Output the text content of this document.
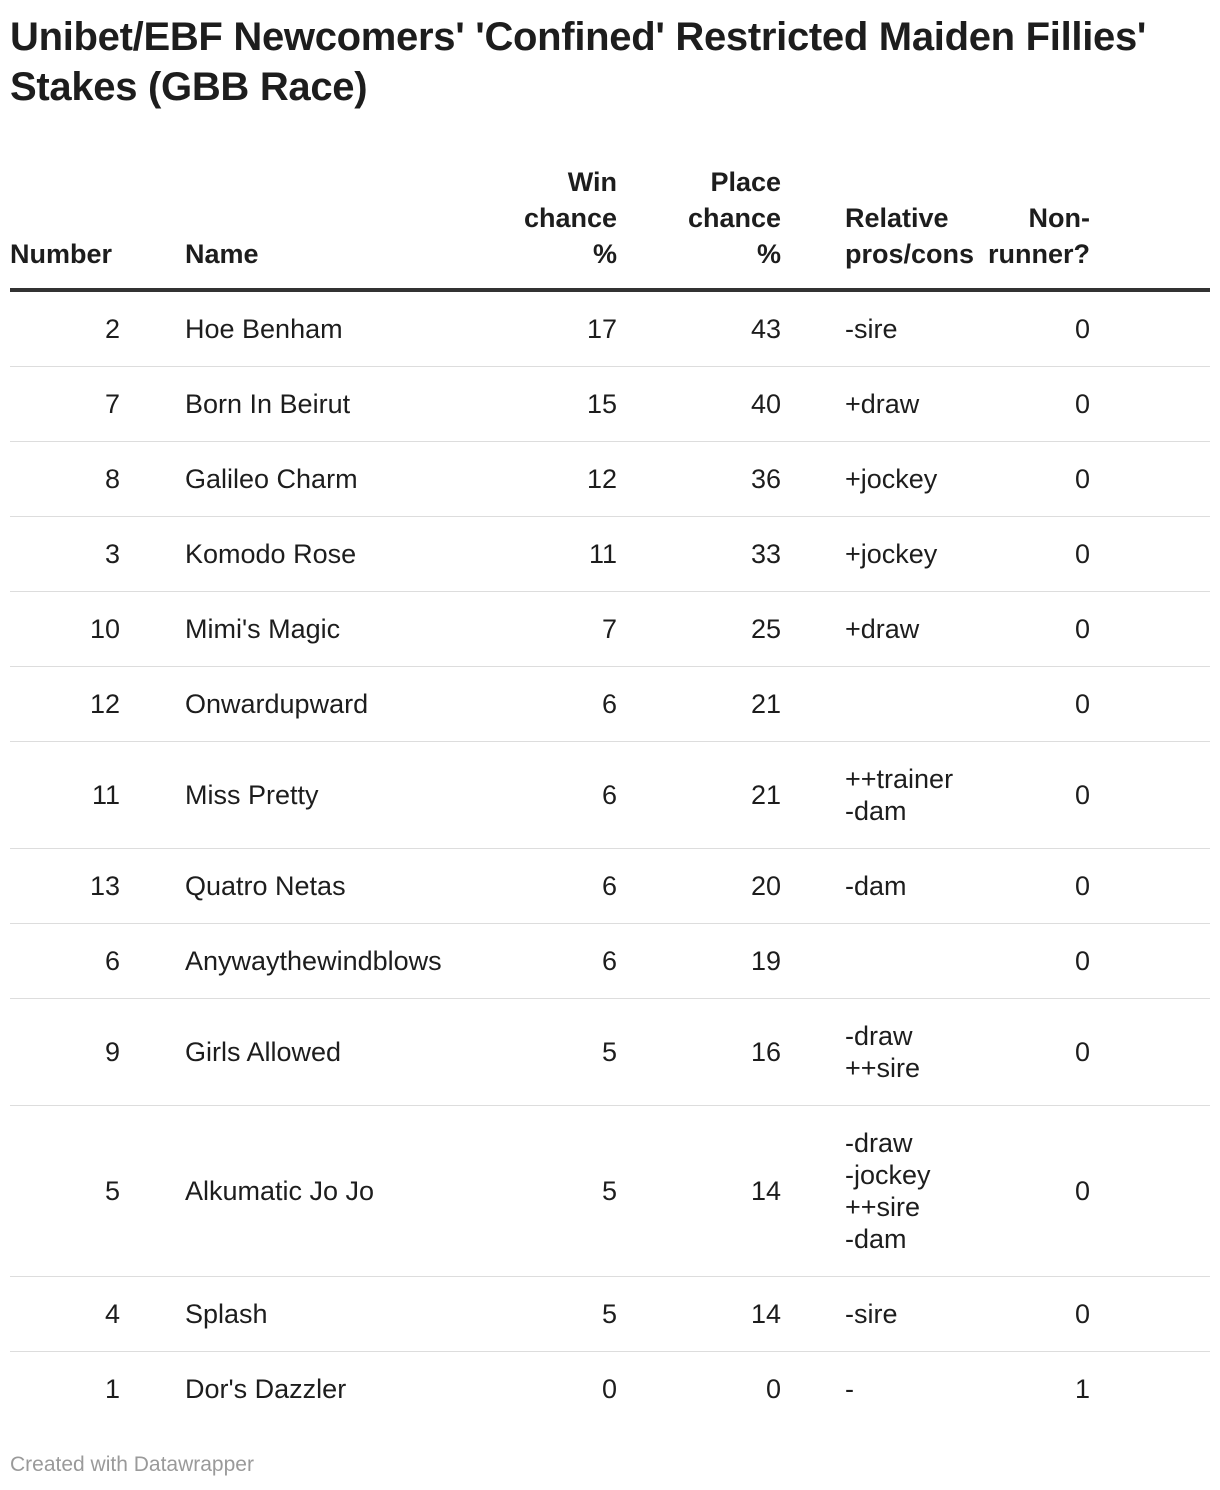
Unibet/EBF Newcomers' 'Confined' Restricted Maiden Fillies' Stakes (GBB Race)
Number	Name	Win
chance
%	Place
chance
%	Relative
pros/cons	Non-
runner?	
2	Hoe Benham	17	43	-sire	0	
7	Born In Beirut	15	40	+draw	0	
8	Galileo Charm	12	36	+jockey	0	
3	Komodo Rose	11	33	+jockey	0	
10	Mimi's Magic	7	25	+draw	0	
12	Onwardupward	6	21		0	
11	Miss Pretty	6	21	++trainer
-dam	0	
13	Quatro Netas	6	20	-dam	0	
6	Anywaythewindblows	6	19		0	
9	Girls Allowed	5	16	-draw
++sire	0	
5	Alkumatic Jo Jo	5	14	-draw
-jockey
++sire
-dam	0	
4	Splash	5	14	-sire	0	
1	Dor's Dazzler	0	0	-	1	
Created with Datawrapper
